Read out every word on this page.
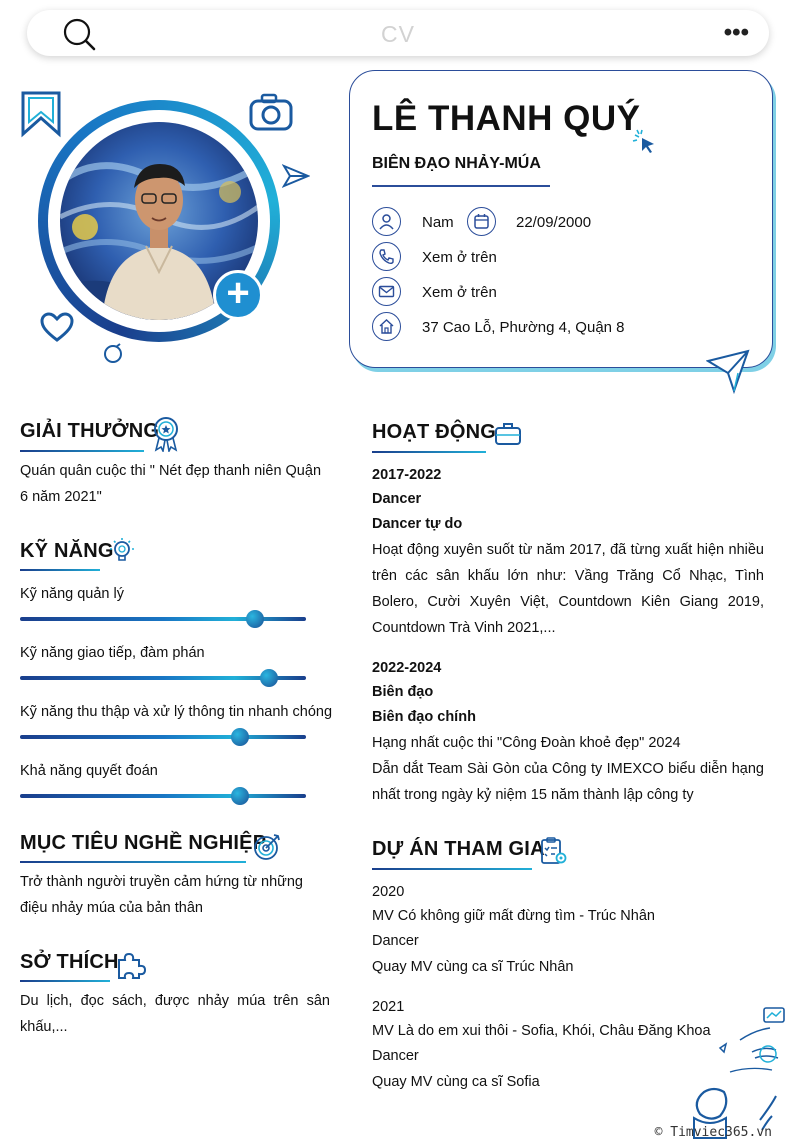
CV	•••
+
LÊ THANH QUÝ
BIÊN ĐẠO NHẢY-MÚA
Nam	22/09/2000
Xem ở trên
Xem ở trên
37 Cao Lỗ, Phường 4, Quận 8
GIẢI THƯỞNG
Quán quân cuộc thi " Nét đẹp thanh niên Quận 6 năm 2021"
KỸ NĂNG
Kỹ năng quản lý
Kỹ năng giao tiếp, đàm phán
Kỹ năng thu thập và xử lý thông tin nhanh chóng
Khả năng quyết đoán
MỤC TIÊU NGHỀ NGHIỆP
Trở thành người truyền cảm hứng từ những điệu nhảy múa của bản thân
SỞ THÍCH
Du lịch, đọc sách, được nhảy múa trên sân khấu,...
HOẠT ĐỘNG
2017-2022
Dancer
Dancer tự do
Hoạt động xuyên suốt từ năm 2017, đã từng xuất hiện nhiều trên các sân khấu lớn như: Vầng Trăng Cổ Nhạc, Tình Bolero, Cười Xuyên Việt, Countdown Kiên Giang 2019, Countdown Trà Vinh 2021,...
2022-2024
Biên đạo
Biên đạo chính
Hạng nhất cuộc thi "Công Đoàn khoẻ đẹp" 2024
Dẫn dắt Team Sài Gòn của Công ty IMEXCO biểu diễn hạng nhất trong ngày kỷ niệm 15 năm thành lập công ty
DỰ ÁN THAM GIA
2020
MV Có không giữ mất đừng tìm - Trúc Nhân
Dancer
Quay MV cùng ca sĩ Trúc Nhân
2021
MV Là do em xui thôi - Sofia, Khói, Châu Đăng Khoa
Dancer
Quay MV cùng ca sĩ Sofia
© Timviec365.vn
